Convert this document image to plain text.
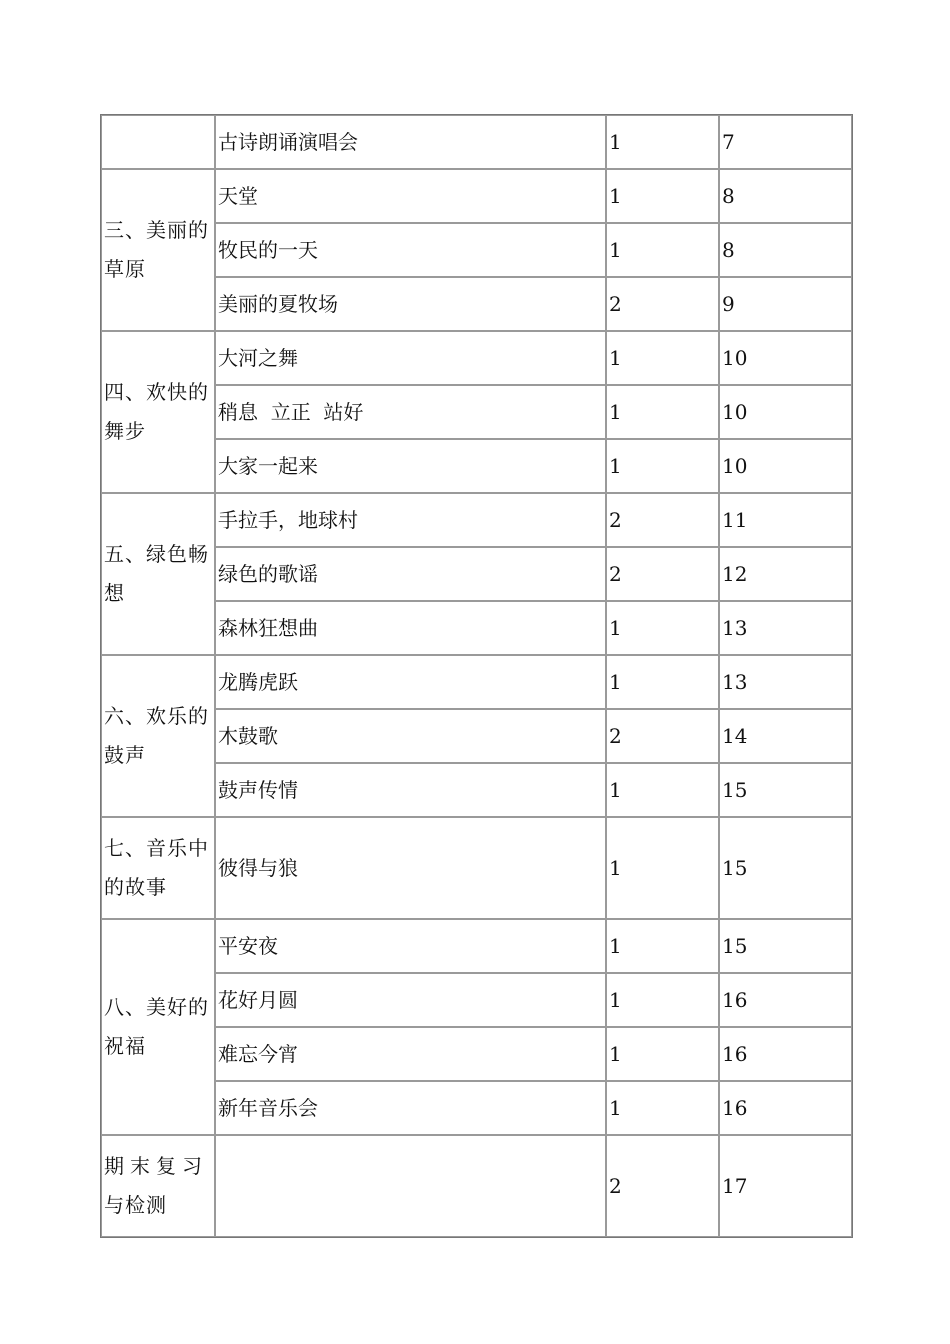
	古诗朗诵演唱会	1	7

三、美丽的
草原	天堂	1	8
	牧民的一天	1	8
	美丽的夏牧场	2	9

四、欢快的
舞步	大河之舞	1	10
	稍息  立正  站好	1	10
	大家一起来	1	10

五、绿色畅
想	手拉手，地球村	2	11
	绿色的歌谣	2	12
	森林狂想曲	1	13

六、欢乐的
鼓声	龙腾虎跃	1	13
	木鼓歌	2	14
	鼓声传情	1	15

七、音乐中
的故事	彼得与狼	1	15

八、美好的
祝福	平安夜	1	15
	花好月圆	1	16
	难忘今宵	1	16
	新年音乐会	1	16

期末复习
与检测		2	17
